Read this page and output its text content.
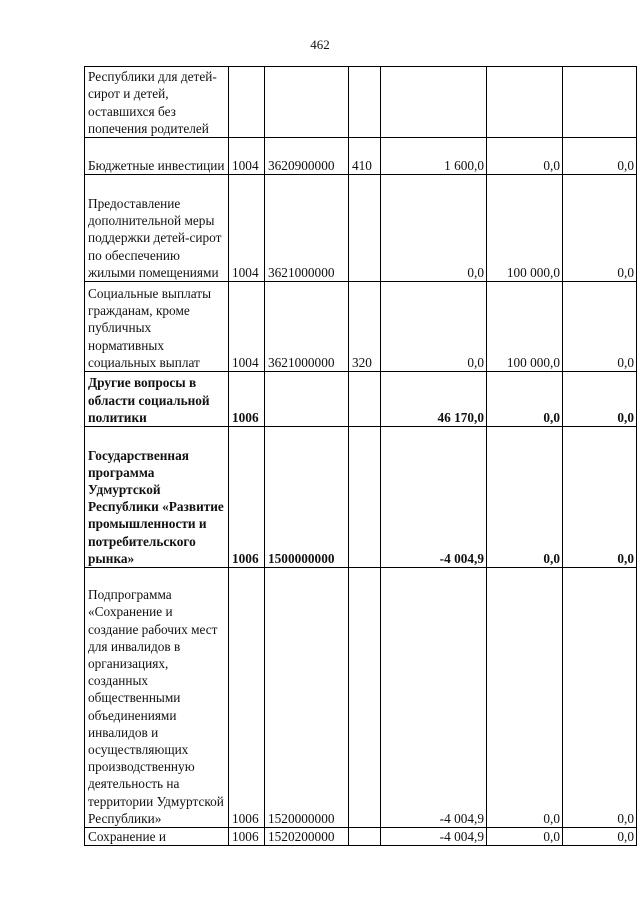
462
Республики для детей-сирот и детей, оставшихся без попечения родителей						
Бюджетные инвестиции	1004	3620900000	410	1 600,0	0,0	0,0
Предоставление дополнительной меры поддержки детей-сирот по обеспечению жилыми помещениями	1004	3621000000		0,0	100 000,0	0,0
Социальные выплаты гражданам, кроме публичных нормативных социальных выплат	1004	3621000000	320	0,0	100 000,0	0,0
Другие вопросы в области социальной политики	1006			46 170,0	0,0	0,0
Государственная программа Удмуртской Республики «Развитие промышленности и потребительского рынка»	1006	1500000000		-4 004,9	0,0	0,0
Подпрограмма «Сохранение и создание рабочих мест для инвалидов в организациях, созданных общественными объединениями инвалидов и осуществляющих производственную деятельность на территории Удмуртской Республики»	1006	1520000000		-4 004,9	0,0	0,0
Сохранение и	1006	1520200000		-4 004,9	0,0	0,0
